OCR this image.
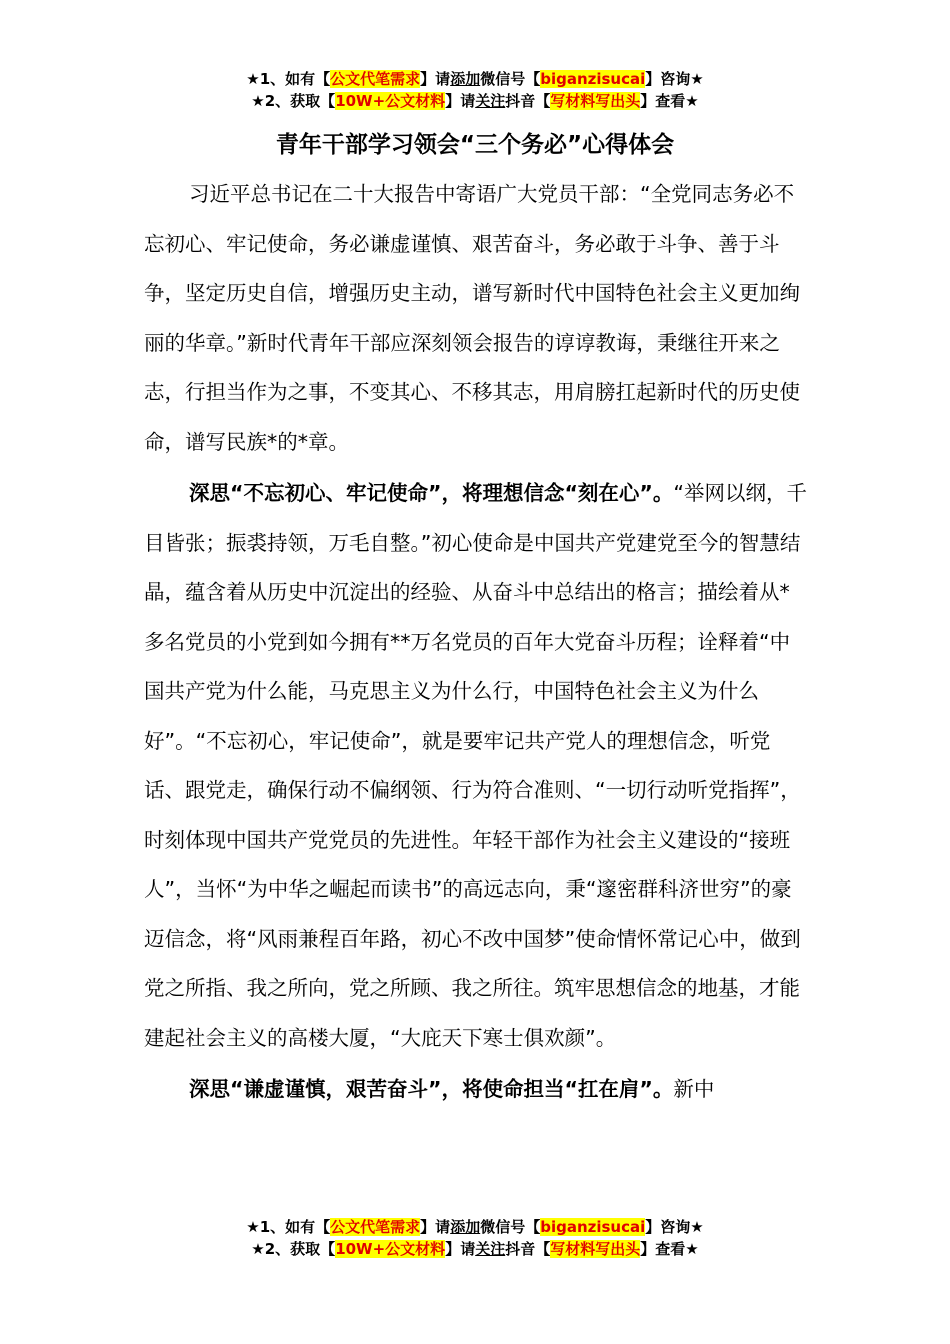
★1、如有【公文代笔需求】请添加微信号【biganzisucai】咨询★
★2、获取【10W+公文材料】请关注抖音【写材料写出头】查看★
青年干部学习领会“三个务必”心得体会

习近平总书记在二十大报告中寄语广大党员干部：“全党同志务必不忘初心、牢记使命，务必谦虚谨慎、艰苦奋斗，务必敢于斗争、善于斗争，坚定历史自信，增强历史主动，谱写新时代中国特色社会主义更加绚丽的华章。”新时代青年干部应深刻领会报告的谆谆教诲，秉继往开来之志，行担当作为之事，不变其心、不移其志，用肩膀扛起新时代的历史使命，谱写民族*的*章。

深思“不忘初心、牢记使命”，将理想信念“刻在心”。“举网以纲，千目皆张；振裘持领，万毛自整。”初心使命是中国共产党建党至今的智慧结晶，蕴含着从历史中沉淀出的经验、从奋斗中总结出的格言；描绘着从*多名党员的小党到如今拥有**万名党员的百年大党奋斗历程；诠释着“中国共产党为什么能，马克思主义为什么行，中国特色社会主义为什么好”。“不忘初心，牢记使命”，就是要牢记共产党人的理想信念，听党话、跟党走，确保行动不偏纲领、行为符合准则、“一切行动听党指挥”，时刻体现中国共产党党员的先进性。年轻干部作为社会主义建设的“接班人”，当怀“为中华之崛起而读书”的高远志向，秉“邃密群科济世穷”的豪迈信念，将“风雨兼程百年路，初心不改中国梦”使命情怀常记心中，做到党之所指、我之所向，党之所顾、我之所往。筑牢思想信念的地基，才能建起社会主义的高楼大厦，“大庇天下寒士俱欢颜”。

深思“谦虚谨慎，艰苦奋斗”，将使命担当“扛在肩”。新中

★1、如有【公文代笔需求】请添加微信号【biganzisucai】咨询★
★2、获取【10W+公文材料】请关注抖音【写材料写出头】查看★
